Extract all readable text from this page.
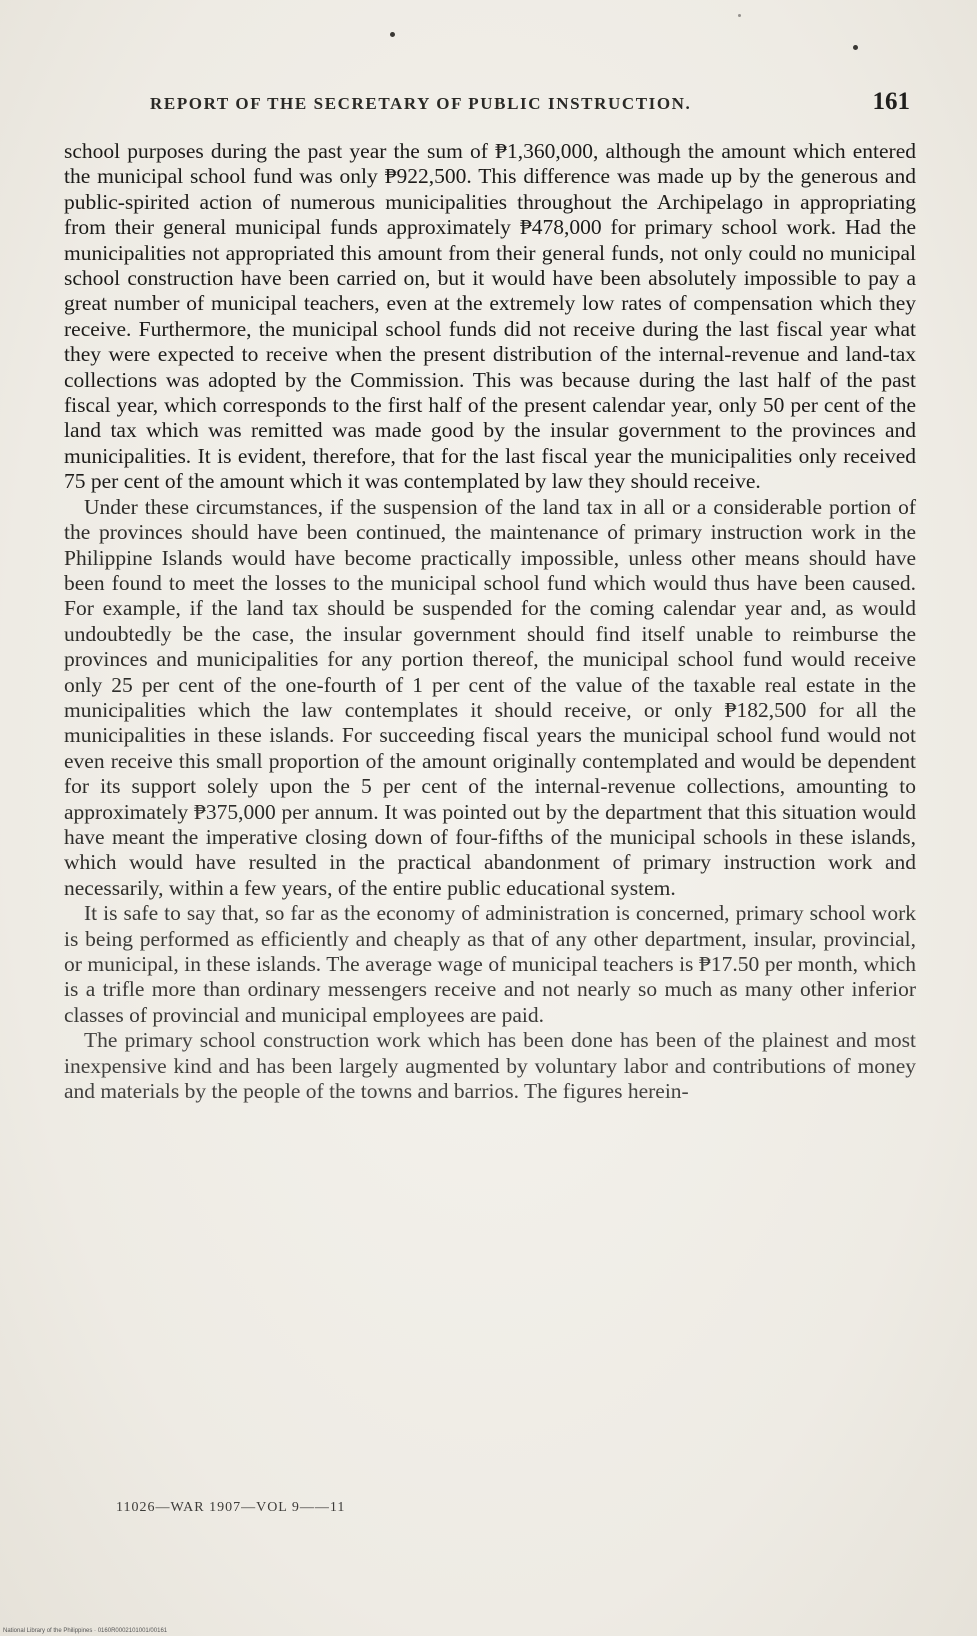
REPORT OF THE SECRETARY OF PUBLIC INSTRUCTION.	161

school purposes during the past year the sum of ₱1,360,000, although the amount which entered the municipal school fund was only ₱922,500. This difference was made up by the generous and public-spirited action of numerous municipalities throughout the Archipelago in appropriating from their general municipal funds approximately ₱478,000 for primary school work. Had the municipalities not appropriated this amount from their general funds, not only could no municipal school construction have been carried on, but it would have been absolutely impossible to pay a great number of municipal teachers, even at the extremely low rates of compensation which they receive. Furthermore, the municipal school funds did not receive during the last fiscal year what they were expected to receive when the present distribution of the internal-revenue and land-tax collections was adopted by the Commission. This was because during the last half of the past fiscal year, which corresponds to the first half of the present calendar year, only 50 per cent of the land tax which was remitted was made good by the insular government to the provinces and municipalities. It is evident, therefore, that for the last fiscal year the municipalities only received 75 per cent of the amount which it was contemplated by law they should receive.

Under these circumstances, if the suspension of the land tax in all or a considerable portion of the provinces should have been continued, the maintenance of primary instruction work in the Philippine Islands would have become practically impossible, unless other means should have been found to meet the losses to the municipal school fund which would thus have been caused. For example, if the land tax should be suspended for the coming calendar year and, as would undoubtedly be the case, the insular government should find itself unable to reimburse the provinces and municipalities for any portion thereof, the municipal school fund would receive only 25 per cent of the one-fourth of 1 per cent of the value of the taxable real estate in the municipalities which the law contemplates it should receive, or only ₱182,500 for all the municipalities in these islands. For succeeding fiscal years the municipal school fund would not even receive this small proportion of the amount originally contemplated and would be dependent for its support solely upon the 5 per cent of the internal-revenue collections, amounting to approximately ₱375,000 per annum. It was pointed out by the department that this situation would have meant the imperative closing down of four-fifths of the municipal schools in these islands, which would have resulted in the practical abandonment of primary instruction work and necessarily, within a few years, of the entire public educational system.

It is safe to say that, so far as the economy of administration is concerned, primary school work is being performed as efficiently and cheaply as that of any other department, insular, provincial, or municipal, in these islands. The average wage of municipal teachers is ₱17.50 per month, which is a trifle more than ordinary messengers receive and not nearly so much as many other inferior classes of provincial and municipal employees are paid.

The primary school construction work which has been done has been of the plainest and most inexpensive kind and has been largely augmented by voluntary labor and contributions of money and materials by the people of the towns and barrios. The figures herein-

11026—WAR 1907—VOL 9——11
National Library of the Philippines · 0160R0002101001/00161
